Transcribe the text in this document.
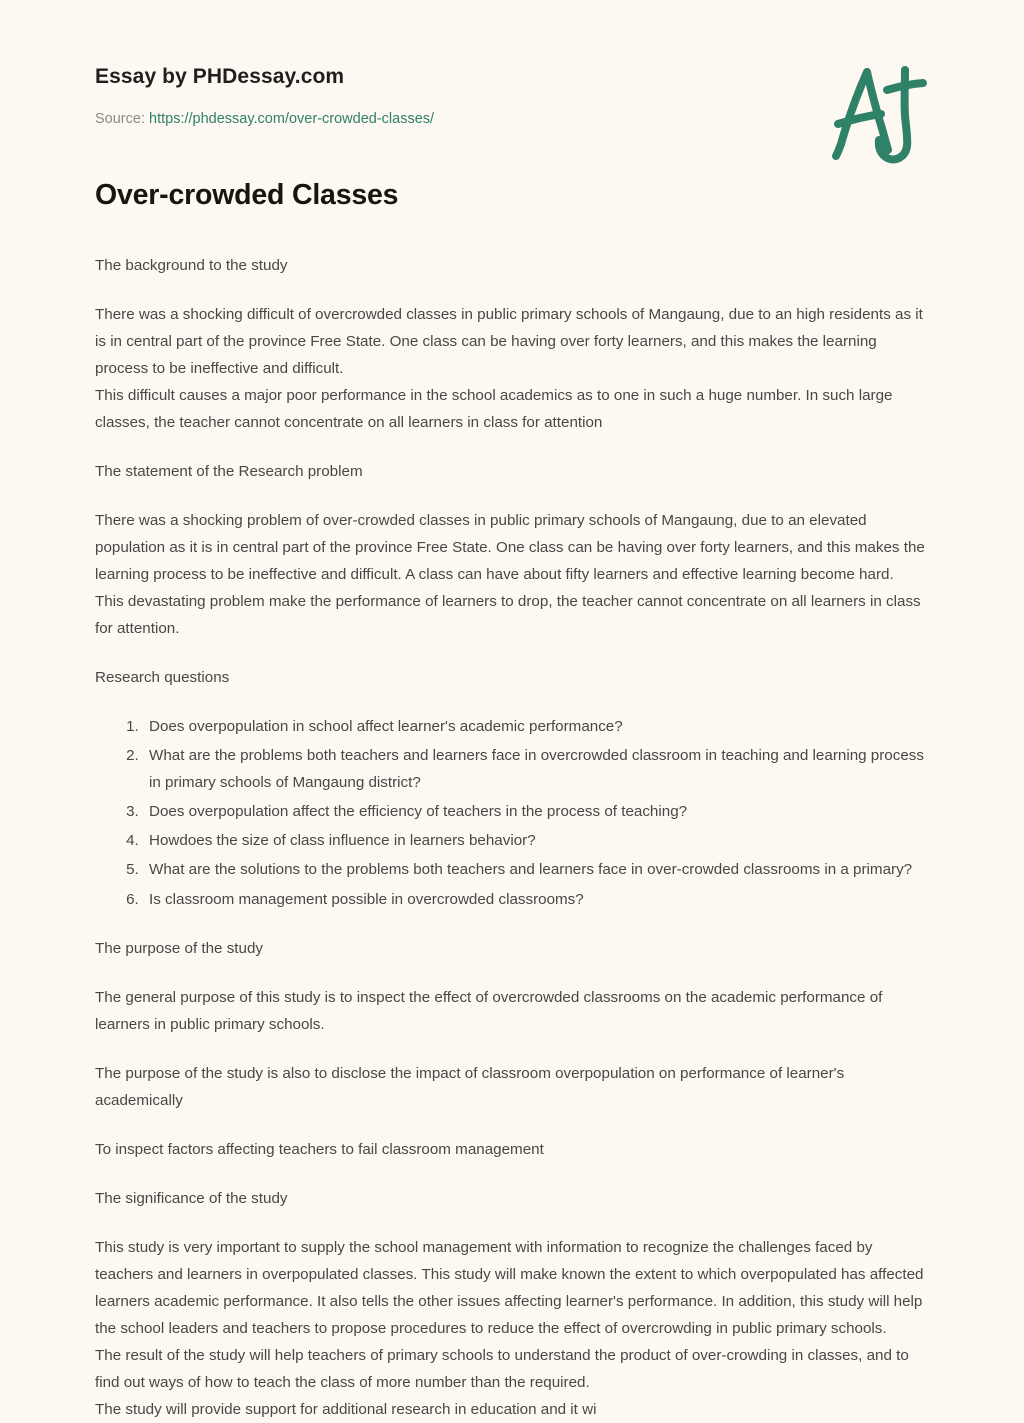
Essay by PHDessay.com
Source: https://phdessay.com/over-crowded-classes/
Over-crowded Classes

The background to the study

There was a shocking difficult of overcrowded classes in public primary schools of Mangaung, due to an high residents as it is in central part of the province Free State. One class can be having over forty learners, and this makes the learning process to be ineffective and difficult.

This difficult causes a major poor performance in the school academics as to one in such a huge number. In such large classes, the teacher cannot concentrate on all learners in class for attention

The statement of the Research problem

There was a shocking problem of over-crowded classes in public primary schools of Mangaung, due to an elevated population as it is in central part of the province Free State. One class can be having over forty learners, and this makes the learning process to be ineffective and difficult. A class can have about fifty learners and effective learning become hard.

This devastating problem make the performance of learners to drop, the teacher cannot concentrate on all learners in class for attention.

Research questions

1. Does overpopulation in school affect learner's academic performance?
2. What are the problems both teachers and learners face in overcrowded classroom in teaching and learning process in primary schools of Mangaung district?
3. Does overpopulation affect the efficiency of teachers in the process of teaching?
4. Howdoes the size of class influence in learners behavior?
5. What are the solutions to the problems both teachers and learners face in over-crowded classrooms in a primary?
6. Is classroom management possible in overcrowded classrooms?

The purpose of the study

The general purpose of this study is to inspect the effect of overcrowded classrooms on the academic performance of learners in public primary schools.

The purpose of the study is also to disclose the impact of classroom overpopulation on performance of learner's academically

To inspect factors affecting teachers to fail classroom management

The significance of the study

This study is very important to supply the school management with information to recognize the challenges faced by teachers and learners in overpopulated classes. This study will make known the extent to which overpopulated has affected learners academic performance. It also tells the other issues affecting learner's performance. In addition, this study will help the school leaders and teachers to propose procedures to reduce the effect of overcrowding in public primary schools.

The result of the study will help teachers of primary schools to understand the product of over-crowding in classes, and to find out ways of how to teach the class of more number than the required.

The study will provide support for additional research in education and it wi
